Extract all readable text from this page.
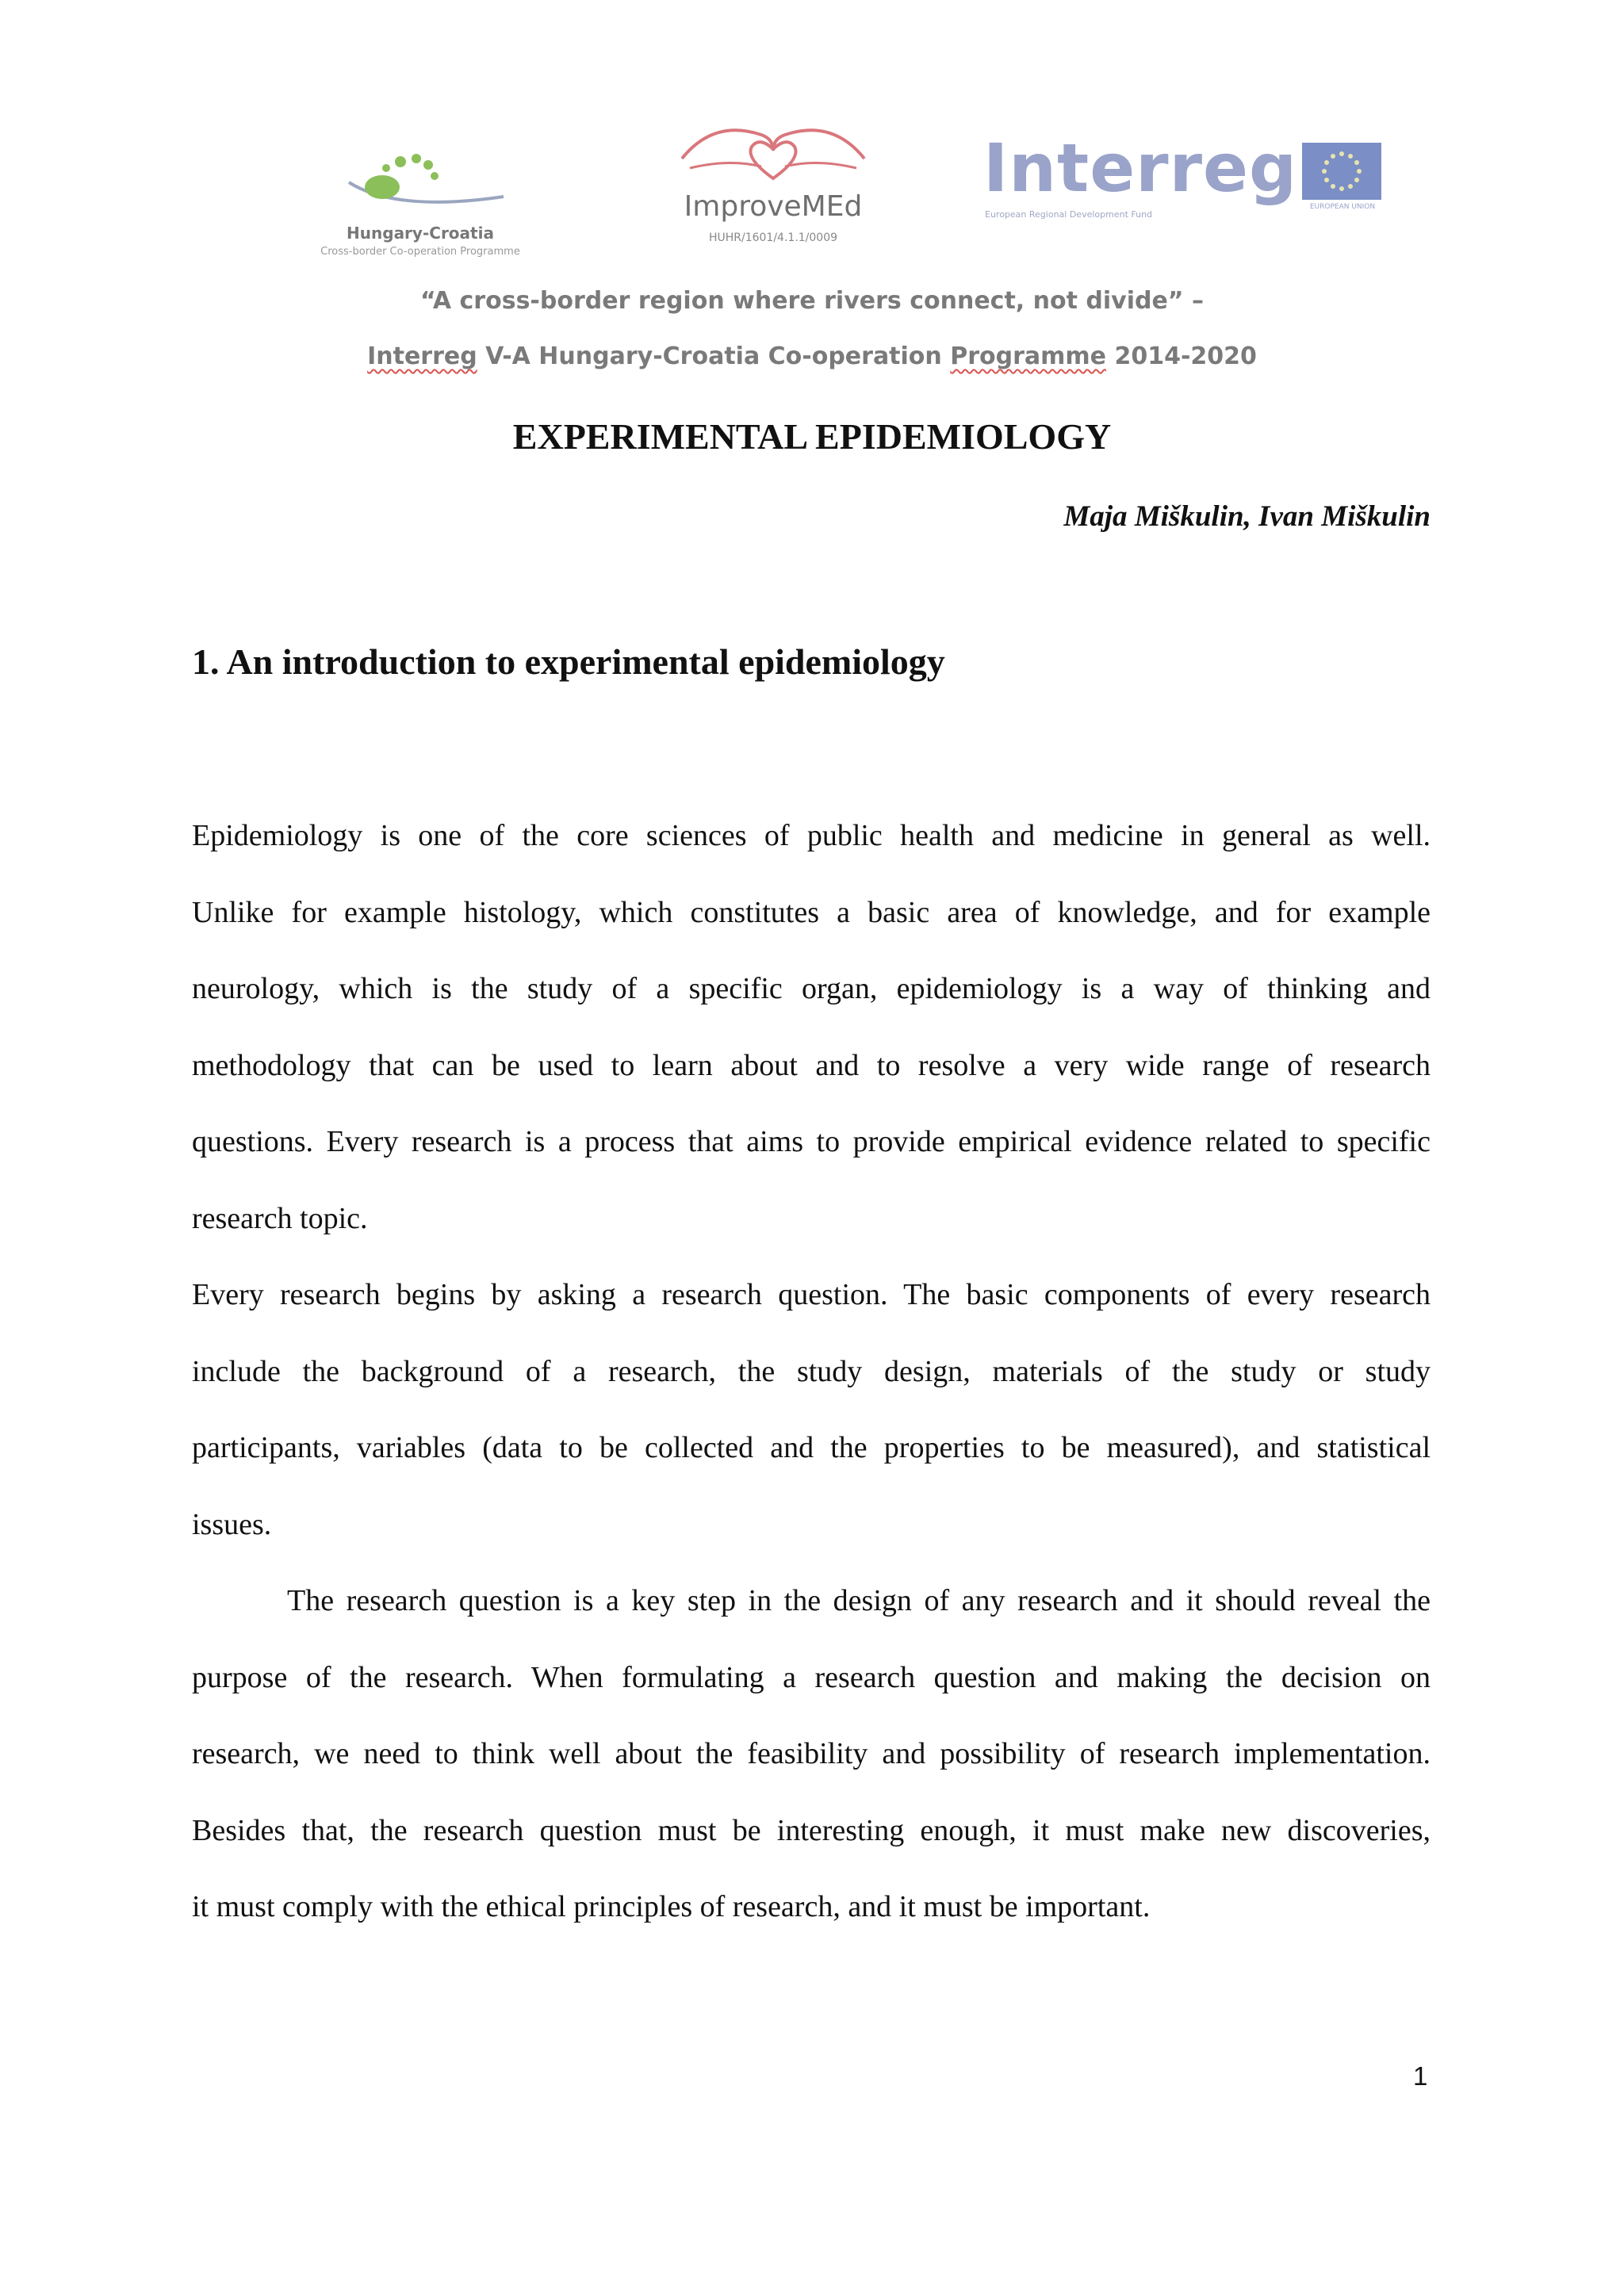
Hungary-Croatia
Cross-border Co-operation Programme
ImproveMEd
HUHR/1601/4.1.1/0009
Interreg
European Regional Development Fund
EUROPEAN UNION
“A cross-border region where rivers connect, not divide” –
Interreg V-A Hungary-Croatia Co-operation Programme 2014-2020
EXPERIMENTAL EPIDEMIOLOGY
Maja Miškulin, Ivan Miškulin
1. An introduction to experimental epidemiology
Epidemiology is one of the core sciences of public health and medicine in general as well.
Unlike for example histology, which constitutes a basic area of knowledge, and for example
neurology, which is the study of a specific organ, epidemiology is a way of thinking and
methodology that can be used to learn about and to resolve a very wide range of research
questions. Every research is a process that aims to provide empirical evidence related to specific
research topic.
Every research begins by asking a research question. The basic components of every research
include the background of a research, the study design, materials of the study or study
participants, variables (data to be collected and the properties to be measured), and statistical
issues.
The research question is a key step in the design of any research and it should reveal the
purpose of the research. When formulating a research question and making the decision on
research, we need to think well about the feasibility and possibility of research implementation.
Besides that, the research question must be interesting enough, it must make new discoveries,
it must comply with the ethical principles of research, and it must be important.
1
